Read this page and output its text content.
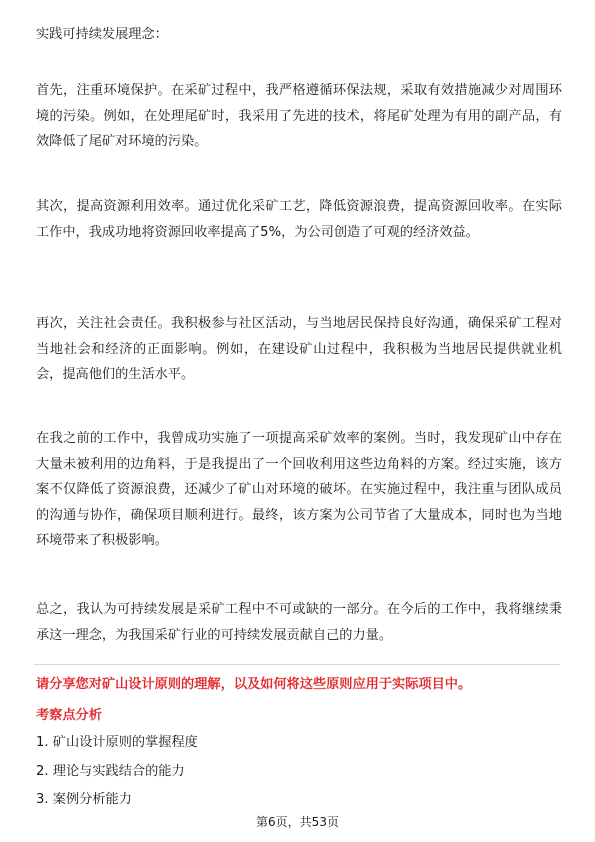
实践可持续发展理念：

首先，注重环境保护。在采矿过程中，我严格遵循环保法规，采取有效措施减少对周围环境的污染。例如，在处理尾矿时，我采用了先进的技术，将尾矿处理为有用的副产品，有效降低了尾矿对环境的污染。

其次，提高资源利用效率。通过优化采矿工艺，降低资源浪费，提高资源回收率。在实际工作中，我成功地将资源回收率提高了5%，为公司创造了可观的经济效益。

再次，关注社会责任。我积极参与社区活动，与当地居民保持良好沟通，确保采矿工程对当地社会和经济的正面影响。例如，在建设矿山过程中，我积极为当地居民提供就业机会，提高他们的生活水平。

在我之前的工作中，我曾成功实施了一项提高采矿效率的案例。当时，我发现矿山中存在大量未被利用的边角料，于是我提出了一个回收利用这些边角料的方案。经过实施，该方案不仅降低了资源浪费，还减少了矿山对环境的破坏。在实施过程中，我注重与团队成员的沟通与协作，确保项目顺利进行。最终，该方案为公司节省了大量成本，同时也为当地环境带来了积极影响。

总之，我认为可持续发展是采矿工程中不可或缺的一部分。在今后的工作中，我将继续秉承这一理念，为我国采矿行业的可持续发展贡献自己的力量。

请分享您对矿山设计原则的理解，以及如何将这些原则应用于实际项目中。

考察点分析

1. 矿山设计原则的掌握程度

2. 理论与实践结合的能力

3. 案例分析能力

第6页，共53页
